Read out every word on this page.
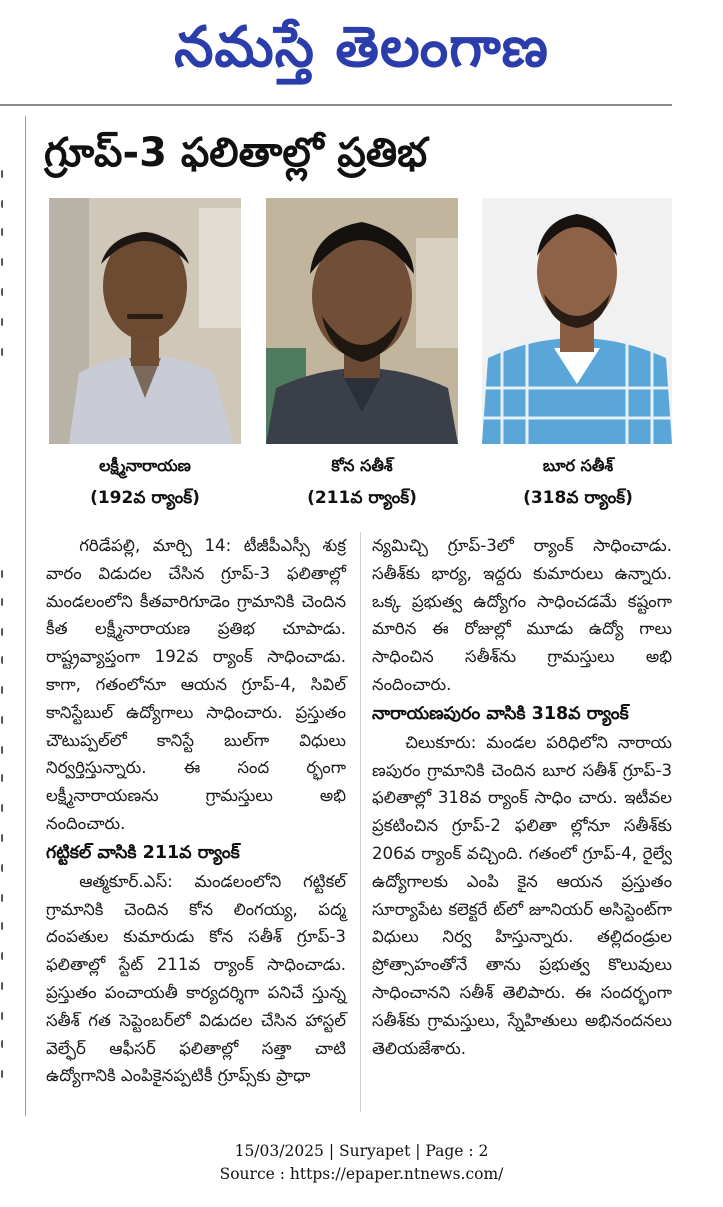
నమస్తే తెలంగాణ
గ్రూప్‌-3 ఫలితాల్లో ప్రతిభ
లక్ష్మీనారాయణ
(192వ ర్యాంక్‌)
కోన సతీశ్‌
(211వ ర్యాంక్‌)
బూర సతీశ్‌
(318వ ర్యాంక్‌)

గరిడేపల్లి, మార్చి 14: టీజీపీఎస్సీ శుక్ర వారం విడుదల చేసిన గ్రూప్‌-3 ఫలితాల్లో మండలంలోని కీతవారిగూడెం గ్రామానికి చెందిన కీత లక్ష్మీనారాయణ ప్రతిభ చూపాడు. రాష్ట్రవ్యాప్తంగా 192వ ర్యాంక్‌ సాధించాడు. కాగా, గతంలోనూ ఆయన గ్రూప్‌-4, సివిల్‌ కానిస్టేబుల్‌ ఉద్యోగాలు సాధించారు. ప్రస్తుతం చౌటుప్పల్‌లో కానిస్టే బుల్‌గా విధులు నిర్వర్తిస్తున్నారు. ఈ సంద ర్భంగా లక్ష్మీనారాయణను గ్రామస్తులు అభి నందించారు.

గట్టికల్‌ వాసికి 211వ ర్యాంక్‌

ఆత్మకూర్‌.ఎస్‌: మండలంలోని గట్టికల్‌ గ్రామానికి చెందిన కోన లింగయ్య, పద్మ దంపతుల కుమారుడు కోన సతీశ్‌ గ్రూప్‌-3 ఫలితాల్లో స్టేట్‌ 211వ ర్యాంక్‌ సాధించాడు. ప్రస్తుతం పంచాయతీ కార్యదర్శిగా పనిచే స్తున్న సతీశ్‌ గత సెప్టెంబర్‌లో విడుదల చేసిన హాస్టల్‌ వెల్ఫేర్‌ ఆఫీసర్‌ ఫలితాల్లో సత్తా చాటి ఉద్యోగానికి ఎంపికైనప్పటికీ గ్రూప్స్‌కు ప్రాధా

న్యమిచ్చి గ్రూప్‌-3లో ర్యాంక్‌ సాధించాడు. సతీశ్‌కు భార్య, ఇద్దరు కుమారులు ఉన్నారు. ఒక్క ప్రభుత్వ ఉద్యోగం సాధించడమే కష్టంగా మారిన ఈ రోజుల్లో మూడు ఉద్యో గాలు సాధించిన సతీశ్‌ను గ్రామస్తులు అభి నందించారు.

నారాయణపురం వాసికి 318వ ర్యాంక్‌

చిలుకూరు: మండల పరిధిలోని నారాయ ణపురం గ్రామానికి చెందిన బూర సతీశ్‌ గ్రూప్‌-3 ఫలితాల్లో 318వ ర్యాంక్‌ సాధిం చారు. ఇటీవల ప్రకటించిన గ్రూప్‌-2 ఫలితా ల్లోనూ సతీశ్‌కు 206వ ర్యాంక్‌ వచ్చింది. గతంలో గ్రూప్‌-4, రైల్వే ఉద్యోగాలకు ఎంపి కైన ఆయన ప్రస్తుతం సూర్యాపేట కలెక్టరే ట్‌లో జూనియర్‌ అసిస్టెంట్‌గా విధులు నిర్వ హిస్తున్నారు. తల్లిదండ్రుల ప్రోత్సాహంతోనే తాను ప్రభుత్వ కొలువులు సాధించానని సతీశ్‌ తెలిపారు. ఈ సందర్భంగా సతీశ్‌కు గ్రామస్తులు, స్నేహితులు అభినందనలు తెలియజేశారు.

15/03/2025 | Suryapet | Page : 2
Source : https://epaper.ntnews.com/
